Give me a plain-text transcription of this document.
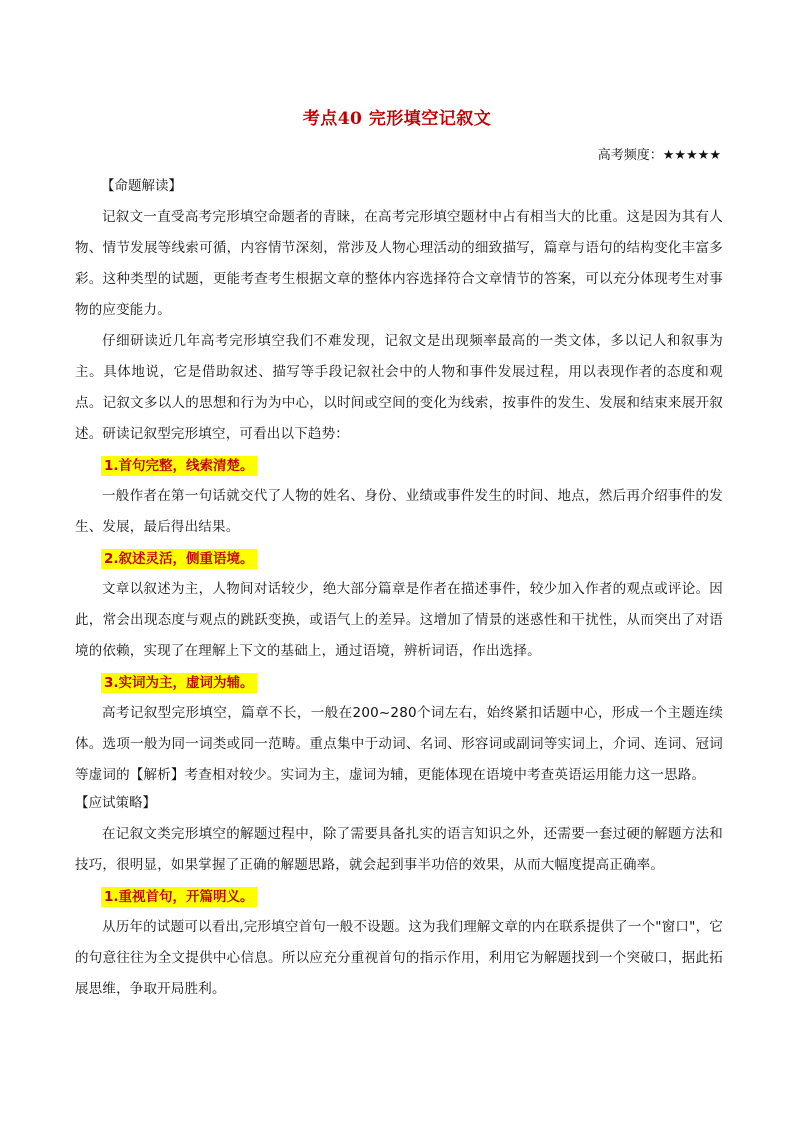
考点40 完形填空记叙文
高考频度：★★★★★
【命题解读】

记叙文一直受高考完形填空命题者的青睐，在高考完形填空题材中占有相当大的比重。这是因为其有人物、情节发展等线索可循，内容情节深刻，常涉及人物心理活动的细致描写，篇章与语句的结构变化丰富多彩。这种类型的试题，更能考查考生根据文章的整体内容选择符合文章情节的答案，可以充分体现考生对事物的应变能力。

仔细研读近几年高考完形填空我们不难发现，记叙文是出现频率最高的一类文体，多以记人和叙事为主。具体地说，它是借助叙述、描写等手段记叙社会中的人物和事件发展过程，用以表现作者的态度和观点。记叙文多以人的思想和行为为中心，以时间或空间的变化为线索，按事件的发生、发展和结束来展开叙述。研读记叙型完形填空，可看出以下趋势：

1.首句完整，线索清楚。

一般作者在第一句话就交代了人物的姓名、身份、业绩或事件发生的时间、地点，然后再介绍事件的发生、发展，最后得出结果。

2.叙述灵活，侧重语境。

文章以叙述为主，人物间对话较少，绝大部分篇章是作者在描述事件，较少加入作者的观点或评论。因此，常会出现态度与观点的跳跃变换，或语气上的差异。这增加了情景的迷惑性和干扰性，从而突出了对语境的依赖，实现了在理解上下文的基础上，通过语境，辨析词语，作出选择。

3.实词为主，虚词为辅。

高考记叙型完形填空，篇章不长，一般在200~280个词左右，始终紧扣话题中心，形成一个主题连续体。选项一般为同一词类或同一范畴。重点集中于动词、名词、形容词或副词等实词上，介词、连词、冠词等虚词的【解析】考查相对较少。实词为主，虚词为辅，更能体现在语境中考查英语运用能力这一思路。

【应试策略】

在记叙文类完形填空的解题过程中，除了需要具备扎实的语言知识之外，还需要一套过硬的解题方法和技巧，很明显，如果掌握了正确的解题思路，就会起到事半功倍的效果，从而大幅度提高正确率。

1.重视首句，开篇明义。

从历年的试题可以看出,完形填空首句一般不设题。这为我们理解文章的内在联系提供了一个"窗口"，它的句意往往为全文提供中心信息。所以应充分重视首句的指示作用，利用它为解题找到一个突破口，据此拓展思维，争取开局胜利。
